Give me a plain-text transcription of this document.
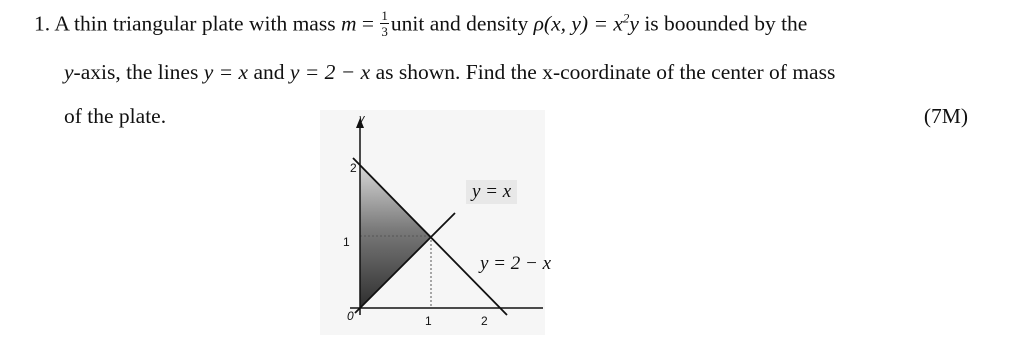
1. A thin triangular plate with mass $m = \frac{1}{3}$ unit and density ρ(x, $y) = x^2y$ is boounded by the
y-axis, the lines y = x and y = 2 − x as shown. Find the x-coordinate of the center of mass
of the plate.	(7M)
y
2
1
0	1	2
y = x
y = 2 − x
